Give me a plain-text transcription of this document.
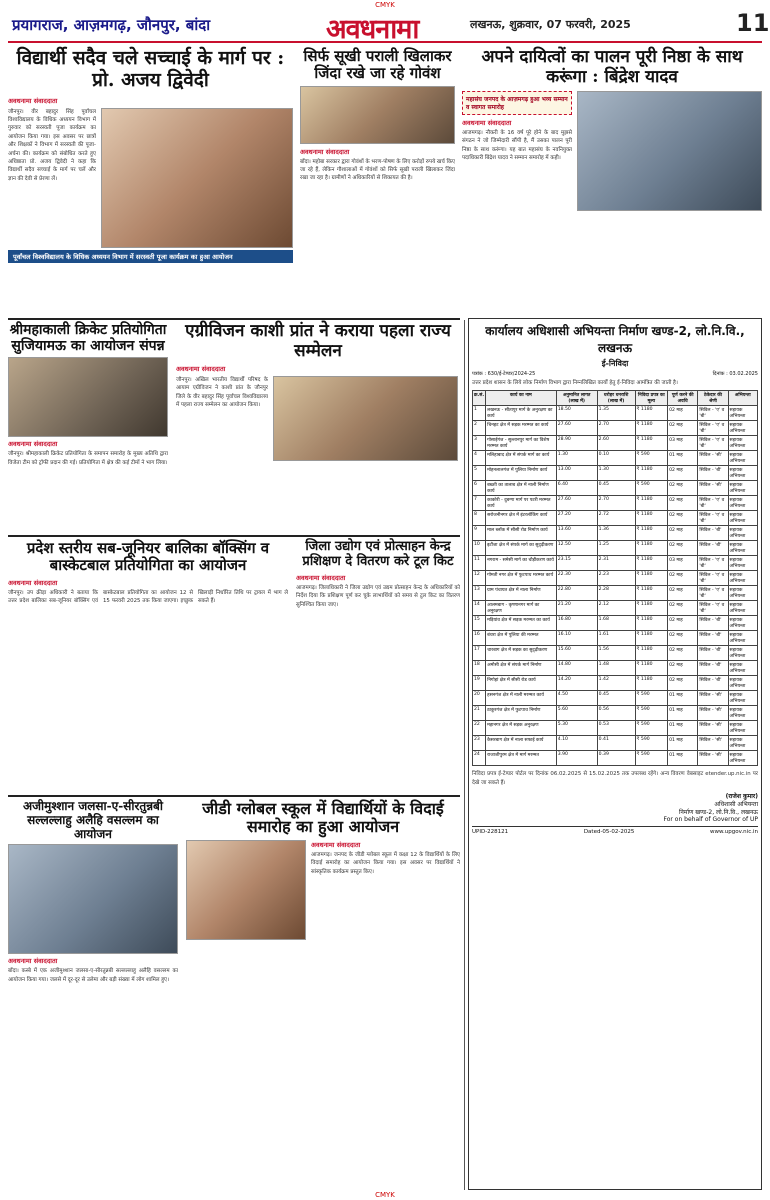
CMYK
प्रयागराज, आज़मगढ़, जौनपुर, बांदा	अवधनामा	लखनऊ, शुक्रवार, 07 फरवरी, 2025	11
विद्यार्थी सदैव चले सच्चाई के मार्ग पर : प्रो. अजय द्विवेदी
अवधनामा संवाददाता
जौनपुर। वीर बहादुर सिंह पूर्वांचल विश्वविद्यालय के विधिक अध्ययन विभाग में गुरुवार को सरस्वती पूजा कार्यक्रम का आयोजन किया गया। इस अवसर पर छात्रों और शिक्षकों ने विभाग में सरस्वती की पूजा-अर्चना की। कार्यक्रम को संबोधित करते हुए अधिष्ठाता प्रो. अजय द्विवेदी ने कहा कि विद्यार्थी सदैव सच्चाई के मार्ग पर चलें और ज्ञान की देवी से प्रेरणा लें।
पूर्वांचल विश्वविद्यालय के विधिक अध्ययन विभाग में सरस्वती पूजा कार्यक्रम का हुआ आयोजन
सिर्फ सूखी पराली खिलाकर जिंदा रखे जा रहे गोवंश
अवधनामा संवाददाता
बाँदा। महोबा सरकार द्वारा गोवंशों के भरण-पोषण के लिए करोड़ों रुपये खर्च किए जा रहे हैं, लेकिन गौशालाओं में गोवंशों को सिर्फ सूखी पराली खिलाकर जिंदा रखा जा रहा है। ग्रामीणों ने अधिकारियों से शिकायत की है।
अपने दायित्वों का पालन पूरी निष्ठा के साथ करूंगा : बिंद्रेश यादव
महासंघ जनपद के आज़मगढ़ हुआ भव्य सम्मान व स्वागत समारोह
अवधनामा संवाददाता
आजमगढ़। नौकरी के 16 वर्ष पूरे होने के बाद मुझसे संगठन ने जो जिम्मेदारी सौंपी है, मैं उसका पालन पूरी निष्ठा के साथ करूंगा। यह बात महासंघ के नवनियुक्त पदाधिकारी बिंद्रेश यादव ने सम्मान समारोह में कही।
श्रीमहाकाली क्रिकेट प्रतियोगिता सुजियामऊ का आयोजन संपन्न
अवधनामा संवाददाता
जौनपुर। श्रीमहाकाली क्रिकेट प्रतियोगिता के समापन समारोह के मुख्य अतिथि द्वारा विजेता टीम को ट्रॉफी प्रदान की गई। प्रतियोगिता में क्षेत्र की कई टीमों ने भाग लिया।
एग्रीविजन काशी प्रांत ने कराया पहला राज्य सम्मेलन
अवधनामा संवाददाता
जौनपुर। अखिल भारतीय विद्यार्थी परिषद के आयाम एग्रीविजन ने काशी प्रांत के जौनपुर जिले के वीर बहादुर सिंह पूर्वांचल विश्वविद्यालय में पहला राज्य सम्मेलन का आयोजन किया।
प्रदेश स्तरीय सब-जूनियर बालिका बॉक्सिंग व बास्केटबाल प्रतियोगिता का आयोजन
अवधनामा संवाददाता
जौनपुर। उप क्रीड़ा अधिकारी ने बताया कि उत्तर प्रदेश बालिका सब-जूनियर बॉक्सिंग एवं बास्केटबाल प्रतियोगिता का आयोजन 12 से 15 फरवरी 2025 तक किया जाएगा। इच्छुक खिलाड़ी निर्धारित तिथि पर ट्रायल में भाग ले सकते हैं।
जिला उद्योग एवं प्रोत्साहन केन्द्र प्रशिक्षण दे वितरण करे टूल किट
अवधनामा संवाददाता
आजमगढ़। जिलाधिकारी ने जिला उद्योग एवं उद्यम प्रोत्साहन केन्द्र के अधिकारियों को निर्देश दिया कि प्रशिक्षण पूर्ण कर चुके लाभार्थियों को समय से टूल किट का वितरण सुनिश्चित किया जाए।
अजीमुश्शान जलसा-ए-सीरतुन्नबी सल्लल्लाहु अलैहि वसल्लम का आयोजन
अवधनामा संवाददाता
बाँदा। कस्बे में एक अजीमुश्शान जलसा-ए-सीरतुन्नबी सल्लल्लाहु अलैहि वसल्लम का आयोजन किया गया। जलसे में दूर-दूर से उलेमा और बड़ी संख्या में लोग शामिल हुए।
जीडी ग्लोबल स्कूल में विद्यार्थियों के विदाई समारोह का हुआ आयोजन
अवधनामा संवाददाता
आजमगढ़। जनपद के जीडी ग्लोबल स्कूल में कक्षा 12 के विद्यार्थियों के लिए विदाई समारोह का आयोजन किया गया। इस अवसर पर विद्यार्थियों ने सांस्कृतिक कार्यक्रम प्रस्तुत किए।
कार्यालय अधिशासी अभियन्ता निर्माण खण्ड-2, लो.नि.वि., लखनऊ
ई-निविदा
पत्रांक : 630/ई-टेण्डर/2024-25	दिनांक : 03.02.2025
उत्तर प्रदेश शासन के लिये लोक निर्माण विभाग द्वारा निम्नलिखित कार्यों हेतु ई-निविदा आमंत्रित की जाती है।
क्र.सं.	कार्य का नाम	अनुमानित लागत (लाख में)	धरोहर धनराशि (लाख में)	निविदा प्रपत्र का मूल्य	पूर्ण करने की अवधि	ठेकेदार की श्रेणी	अभियन्ता
1	लखनऊ - सीतापुर मार्ग के अनुरक्षण का कार्य	18.50	1.35	₹ 1180	02 माह	सिविल - 'ए' व 'बी'	सहायक अभियन्ता
2	चिनहट क्षेत्र में सड़क मरम्मत का कार्य	27.60	2.70	₹ 1180	02 माह	सिविल - 'ए' व 'बी'	सहायक अभियन्ता
3	गोसाईगंज - सुल्तानपुर मार्ग का विशेष मरम्मत कार्य	28.90	2.60	₹ 1180	03 माह	सिविल - 'ए' व 'बी'	सहायक अभियन्ता
4	मलिहाबाद क्षेत्र में संपर्क मार्ग का कार्य	1.30	0.10	₹ 590	01 माह	सिविल - 'सी'	सहायक अभियन्ता
5	मोहनलालगंज में पुलिया निर्माण कार्य	13.00	1.30	₹ 1180	02 माह	सिविल - 'बी'	सहायक अभियन्ता
6	बख्शी का तालाब क्षेत्र में नाली निर्माण कार्य	6.40	0.45	₹ 590	02 माह	सिविल - 'सी'	सहायक अभियन्ता
7	काकोरी - दुबग्गा मार्ग पर पटरी मरम्मत कार्य	27.60	2.70	₹ 1180	02 माह	सिविल - 'ए' व 'बी'	सहायक अभियन्ता
8	सरोजनीनगर क्षेत्र में इंटरलॉकिंग कार्य	27.20	2.72	₹ 1180	02 माह	सिविल - 'ए' व 'बी'	सहायक अभियन्ता
9	माल ब्लॉक में सीसी रोड निर्माण कार्य	13.60	1.36	₹ 1180	02 माह	सिविल - 'बी'	सहायक अभियन्ता
10	इटौंजा क्षेत्र में संपर्क मार्ग का सुदृढ़ीकरण	12.50	1.25	₹ 1180	02 माह	सिविल - 'बी'	सहायक अभियन्ता
11	नगराम - समेसी मार्ग का चौड़ीकरण कार्य	23.15	2.31	₹ 1180	03 माह	सिविल - 'ए' व 'बी'	सहायक अभियन्ता
12	गोमती नगर क्षेत्र में फुटपाथ मरम्मत कार्य	22.30	2.23	₹ 1180	02 माह	सिविल - 'ए' व 'बी'	सहायक अभियन्ता
13	ग्राम पंचायत क्षेत्र में नाला निर्माण	22.80	2.28	₹ 1180	02 माह	सिविल - 'ए' व 'बी'	सहायक अभियन्ता
14	आलमबाग - कृष्णानगर मार्ग का अनुरक्षण	21.20	2.12	₹ 1180	02 माह	सिविल - 'ए' व 'बी'	सहायक अभियन्ता
15	मड़ियांव क्षेत्र में सड़क मरम्मत का कार्य	16.80	1.68	₹ 1180	02 माह	सिविल - 'बी'	सहायक अभियन्ता
16	बंथरा क्षेत्र में पुलिया की मरम्मत	16.10	1.61	₹ 1180	02 माह	सिविल - 'बी'	सहायक अभियन्ता
17	चारबाग क्षेत्र में सड़क का सुदृढ़ीकरण	15.60	1.56	₹ 1180	02 माह	सिविल - 'बी'	सहायक अभियन्ता
18	अमौसी क्षेत्र में संपर्क मार्ग निर्माण	14.80	1.48	₹ 1180	02 माह	सिविल - 'बी'	सहायक अभियन्ता
19	निगोहां क्षेत्र में सीसी रोड कार्य	14.20	1.42	₹ 1180	02 माह	सिविल - 'बी'	सहायक अभियन्ता
20	हसनगंज क्षेत्र में नाली मरम्मत कार्य	4.50	0.45	₹ 590	01 माह	सिविल - 'सी'	सहायक अभियन्ता
21	ठाकुरगंज क्षेत्र में फुटपाथ निर्माण	5.60	0.56	₹ 590	01 माह	सिविल - 'सी'	सहायक अभियन्ता
22	महानगर क्षेत्र में सड़क अनुरक्षण	5.30	0.53	₹ 590	01 माह	सिविल - 'सी'	सहायक अभियन्ता
23	कैसरबाग क्षेत्र में नाला सफाई कार्य	4.10	0.41	₹ 590	01 माह	सिविल - 'सी'	सहायक अभियन्ता
24	राजाजीपुरम क्षेत्र में मार्ग मरम्मत	3.90	0.39	₹ 590	01 माह	सिविल - 'सी'	सहायक अभियन्ता
निविदा प्रपत्र ई-टेण्डर पोर्टल पर दिनांक 06.02.2025 से 15.02.2025 तक उपलब्ध रहेंगे। अन्य विवरण वेबसाइट etender.up.nic.in पर देखे जा सकते हैं।
(राजेश कुमार)
अधिशासी अभियन्ता
निर्माण खण्ड-2, लो.नि.वि., लखनऊ
For on behalf of Governor of UP
UPID-228121	Dated-05-02-2025	www.upgov.nic.in
CMYK
